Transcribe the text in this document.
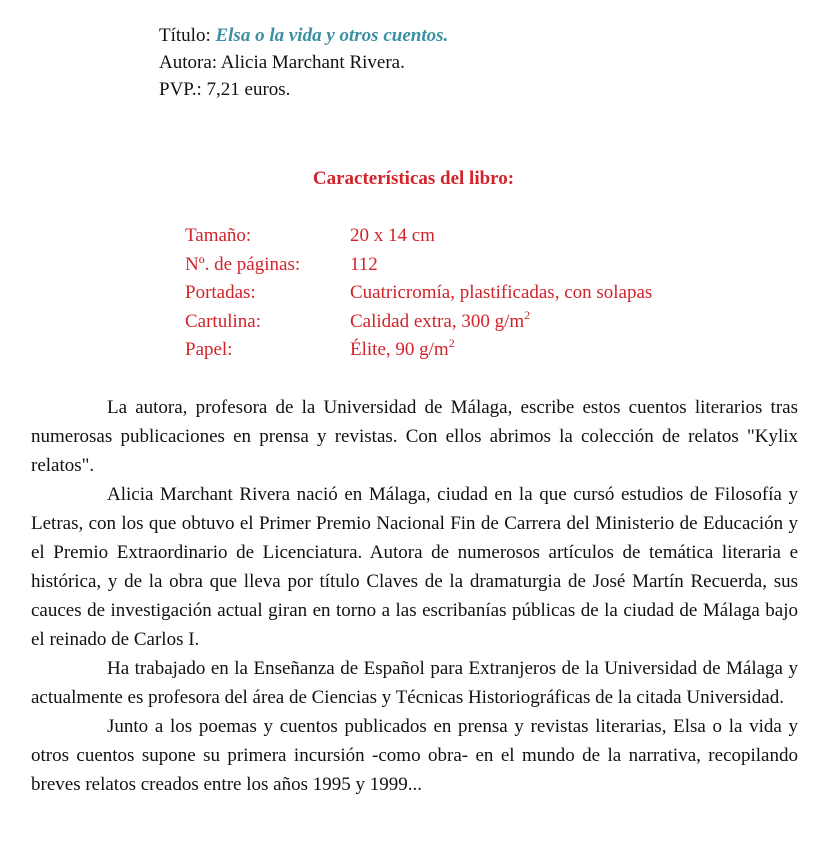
Título: Elsa o la vida y otros cuentos.
Autora: Alicia Marchant Rivera.
PVP.: 7,21 euros.
Características del libro:
Tamaño:	20 x 14 cm
Nº. de páginas:	112
Portadas:	Cuatricromía, plastificadas, con solapas
Cartulina:	Calidad extra, 300 $g/m^2$
Papel:	Élite, 90 $g/m^2$

La autora, profesora de la Universidad de Málaga, escribe estos cuentos literarios tras numerosas publicaciones en prensa y revistas. Con ellos abrimos la colección de relatos "Kylix relatos".

Alicia Marchant Rivera nació en Málaga, ciudad en la que cursó estudios de Filosofía y Letras, con los que obtuvo el Primer Premio Nacional Fin de Carrera del Ministerio de Educación y el Premio Extraordinario de Licenciatura. Autora de numerosos artículos de temática literaria e histórica, y de la obra que lleva por título Claves de la dramaturgia de José Martín Recuerda, sus cauces de investigación actual giran en torno a las escribanías públicas de la ciudad de Málaga bajo el reinado de Carlos I.

Ha trabajado en la Enseñanza de Español para Extranjeros de la Universidad de Málaga y actualmente es profesora del área de Ciencias y Técnicas Historiográficas de la citada Universidad.

Junto a los poemas y cuentos publicados en prensa y revistas literarias, Elsa o la vida y otros cuentos supone su primera incursión -como obra- en el mundo de la narrativa, recopilando breves relatos creados entre los años 1995 y 1999...
